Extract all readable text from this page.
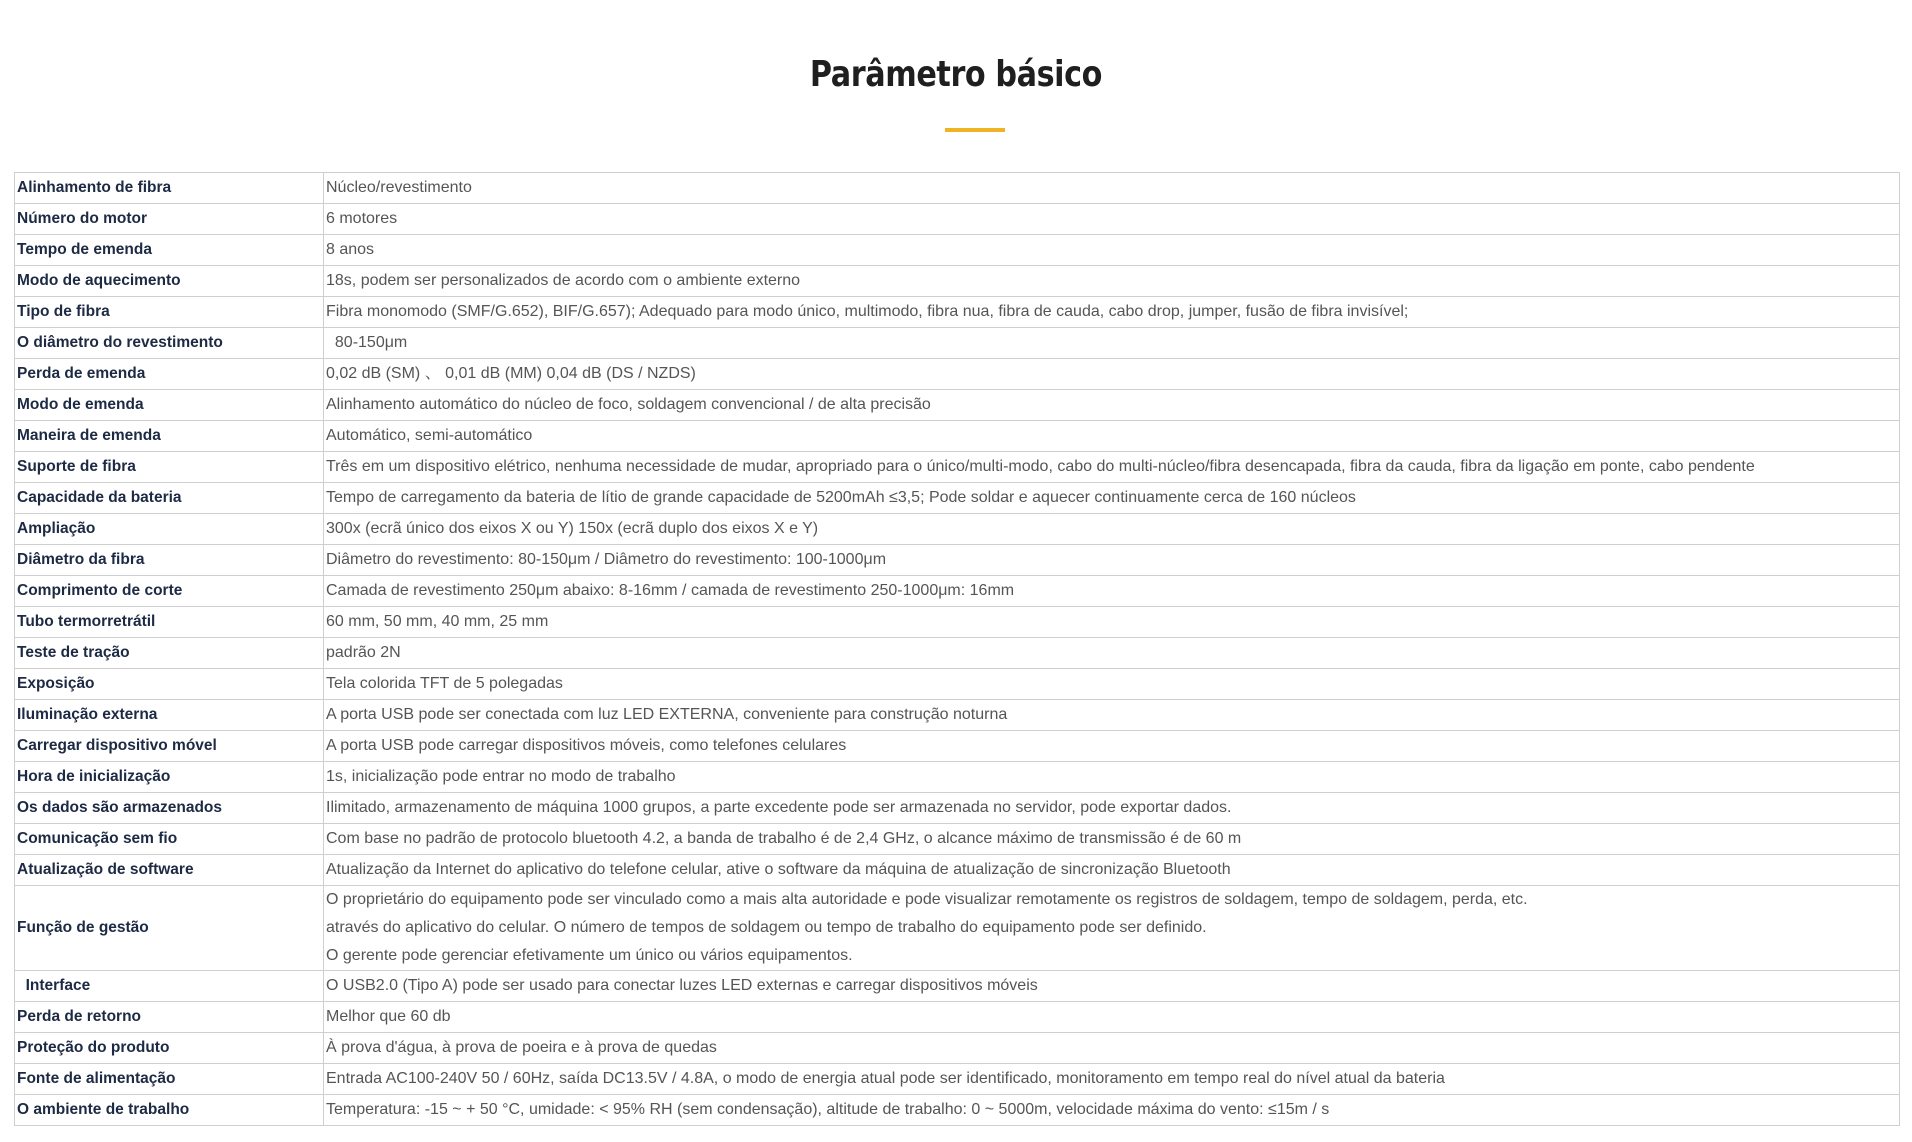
Parâmetro básico
Alinhamento de fibra	Núcleo/revestimento
Número do motor	6 motores
Tempo de emenda	8 anos
Modo de aquecimento	18s, podem ser personalizados de acordo com o ambiente externo
Tipo de fibra	Fibra monomodo (SMF/G.652), BIF/G.657); Adequado para modo único, multimodo, fibra nua, fibra de cauda, cabo drop, jumper, fusão de fibra invisível;
O diâmetro do revestimento	80-150μm
Perda de emenda	0,02 dB (SM) 、 0,01 dB (MM) 0,04 dB (DS / NZDS)
Modo de emenda	Alinhamento automático do núcleo de foco, soldagem convencional / de alta precisão
Maneira de emenda	Automático, semi-automático
Suporte de fibra	Três em um dispositivo elétrico, nenhuma necessidade de mudar, apropriado para o único/multi-modo, cabo do multi-núcleo/fibra desencapada, fibra da cauda, fibra da ligação em ponte, cabo pendente
Capacidade da bateria	Tempo de carregamento da bateria de lítio de grande capacidade de 5200mAh ≤3,5; Pode soldar e aquecer continuamente cerca de 160 núcleos
Ampliação	300x (ecrã único dos eixos X ou Y) 150x (ecrã duplo dos eixos X e Y)
Diâmetro da fibra	Diâmetro do revestimento: 80-150μm / Diâmetro do revestimento: 100-1000μm
Comprimento de corte	Camada de revestimento 250μm abaixo: 8-16mm / camada de revestimento 250-1000μm: 16mm
Tubo termorretrátil	60 mm, 50 mm, 40 mm, 25 mm
Teste de tração	padrão 2N
Exposição	Tela colorida TFT de 5 polegadas
Iluminação externa	A porta USB pode ser conectada com luz LED EXTERNA, conveniente para construção noturna
Carregar dispositivo móvel	A porta USB pode carregar dispositivos móveis, como telefones celulares
Hora de inicialização	1s, inicialização pode entrar no modo de trabalho
Os dados são armazenados	Ilimitado, armazenamento de máquina 1000 grupos, a parte excedente pode ser armazenada no servidor, pode exportar dados.
Comunicação sem fio	Com base no padrão de protocolo bluetooth 4.2, a banda de trabalho é de 2,4 GHz, o alcance máximo de transmissão é de 60 m
Atualização de software	Atualização da Internet do aplicativo do telefone celular, ative o software da máquina de atualização de sincronização Bluetooth
Função de gestão	O proprietário do equipamento pode ser vinculado como a mais alta autoridade e pode visualizar remotamente os registros de soldagem, tempo de soldagem, perda, etc.
através do aplicativo do celular. O número de tempos de soldagem ou tempo de trabalho do equipamento pode ser definido.
O gerente pode gerenciar efetivamente um único ou vários equipamentos.

Interface	O USB2.0 (Tipo A) pode ser usado para conectar luzes LED externas e carregar dispositivos móveis
Perda de retorno	Melhor que 60 db
Proteção do produto	À prova d'água, à prova de poeira e à prova de quedas
Fonte de alimentação	Entrada AC100-240V 50 / 60Hz, saída DC13.5V / 4.8A, o modo de energia atual pode ser identificado, monitoramento em tempo real do nível atual da bateria
O ambiente de trabalho	Temperatura: -15 ~ + 50 °C, umidade: < 95% RH (sem condensação), altitude de trabalho: 0 ~ 5000m, velocidade máxima do vento: ≤15m / s
